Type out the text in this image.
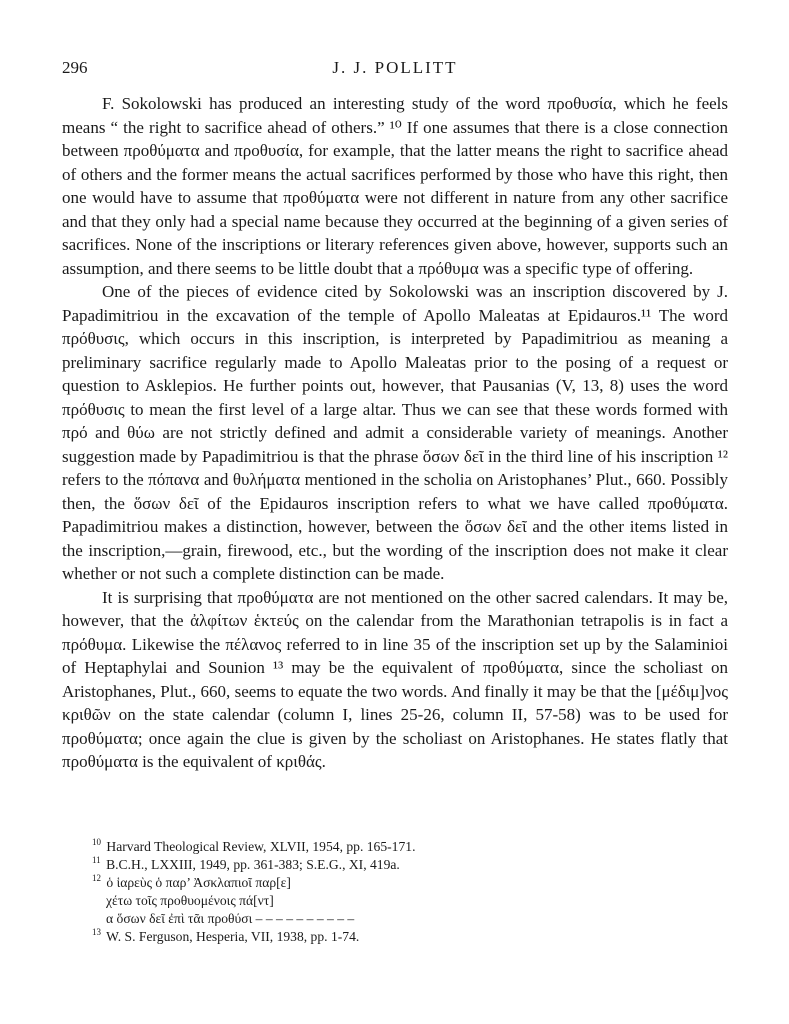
296	J. J. POLLITT

F. Sokolowski has produced an interesting study of the word προθυσία, which he feels means “ the right to sacrifice ahead of others.” ¹⁰ If one assumes that there is a close connection between προθύματα and προθυσία, for example, that the latter means the right to sacrifice ahead of others and the former means the actual sacrifices performed by those who have this right, then one would have to assume that προθύματα were not different in nature from any other sacrifice and that they only had a special name because they occurred at the beginning of a given series of sacrifices. None of the inscriptions or literary references given above, however, supports such an assumption, and there seems to be little doubt that a πρόθυμα was a specific type of offering.

One of the pieces of evidence cited by Sokolowski was an inscription discovered by J. Papadimitriou in the excavation of the temple of Apollo Maleatas at Epidauros.¹¹ The word πρόθυσις, which occurs in this inscription, is interpreted by Papadimitriou as meaning a preliminary sacrifice regularly made to Apollo Maleatas prior to the posing of a request or question to Asklepios. He further points out, however, that Pausanias (V, 13, 8) uses the word πρόθυσις to mean the first level of a large altar. Thus we can see that these words formed with πρό and θύω are not strictly defined and admit a considerable variety of meanings. Another suggestion made by Papadimitriou is that the phrase ὅσων δεῖ in the third line of his inscription ¹² refers to the πόπανα and θυλήματα mentioned in the scholia on Aristophanes’ Plut., 660. Possibly then, the ὅσων δεῖ of the Epidauros inscription refers to what we have called προθύματα. Papadimitriou makes a distinction, however, between the ὅσων δεῖ and the other items listed in the inscription,—grain, firewood, etc., but the wording of the inscription does not make it clear whether or not such a complete distinction can be made.

It is surprising that προθύματα are not mentioned on the other sacred calendars. It may be, however, that the ἀλφίτων ἑκτεύς on the calendar from the Marathonian tetrapolis is in fact a πρόθυμα. Likewise the πέλανος referred to in line 35 of the inscription set up by the Salaminioi of Heptaphylai and Sounion ¹³ may be the equivalent of προθύματα, since the scholiast on Aristophanes, Plut., 660, seems to equate the two words. And finally it may be that the [μέδιμ]νος κριθῶν on the state calendar (column I, lines 25-26, column II, 57-58) was to be used for προθύματα; once again the clue is given by the scholiast on Aristophanes. He states flatly that προθύματα is the equivalent of κριθάς.

$^{10}$ Harvard Theological Review, XLVII, 1954, pp. 165-171.
$^{11}$ B.C.H., LXXIII, 1949, pp. 361-383; S.E.G., XI, 419a.
$^{12}$ ὁ ἱαρεὺς ὁ παρ’ Ἀσκλαπιοῖ παρ[ε]
χέτω τοῖς προθυομένοις πά[ντ]
α ὅσων δεῖ ἐπὶ τᾶι προθύσι – – – – – – – – – –
$^{13}$ W. S. Ferguson, Hesperia, VII, 1938, pp. 1-74.
